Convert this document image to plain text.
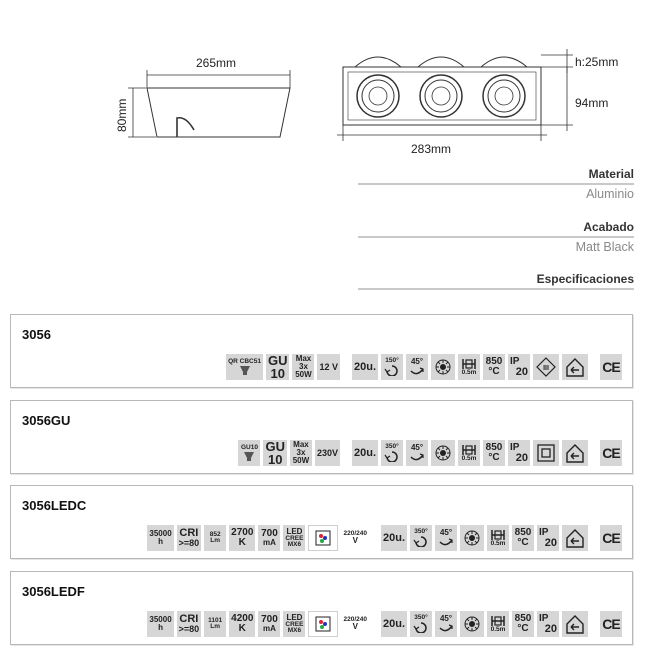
265mm
80mm
h:25mm
94mm
283mm
Material
Aluminio
Acabado
Matt Black
Especificaciones
3056
QR CBC51 GU
10
Max
3x
50W
12 V 20u.
150° 45°
0.5m
850
°C
IP
20 III	CE
3056GU
GU10 GU
10
Max
3x
50W
230V 20u.
350° 45°
0.5m
850
°C
IP
20	CE
3056LEDC
35000
h
CRI
>=80
852
Lm
2700
K
700
mA
LED
CREE
MX6
220/240
V 20u.
350° 45°
0.5m
850
°C
IP
20	CE
3056LEDF
35000
h
CRI
>=80
1101
Lm
4200
K
700
mA
LED
CREE
MX6
220/240
V 20u.
350° 45°
0.5m
850
°C
IP
20	CE
